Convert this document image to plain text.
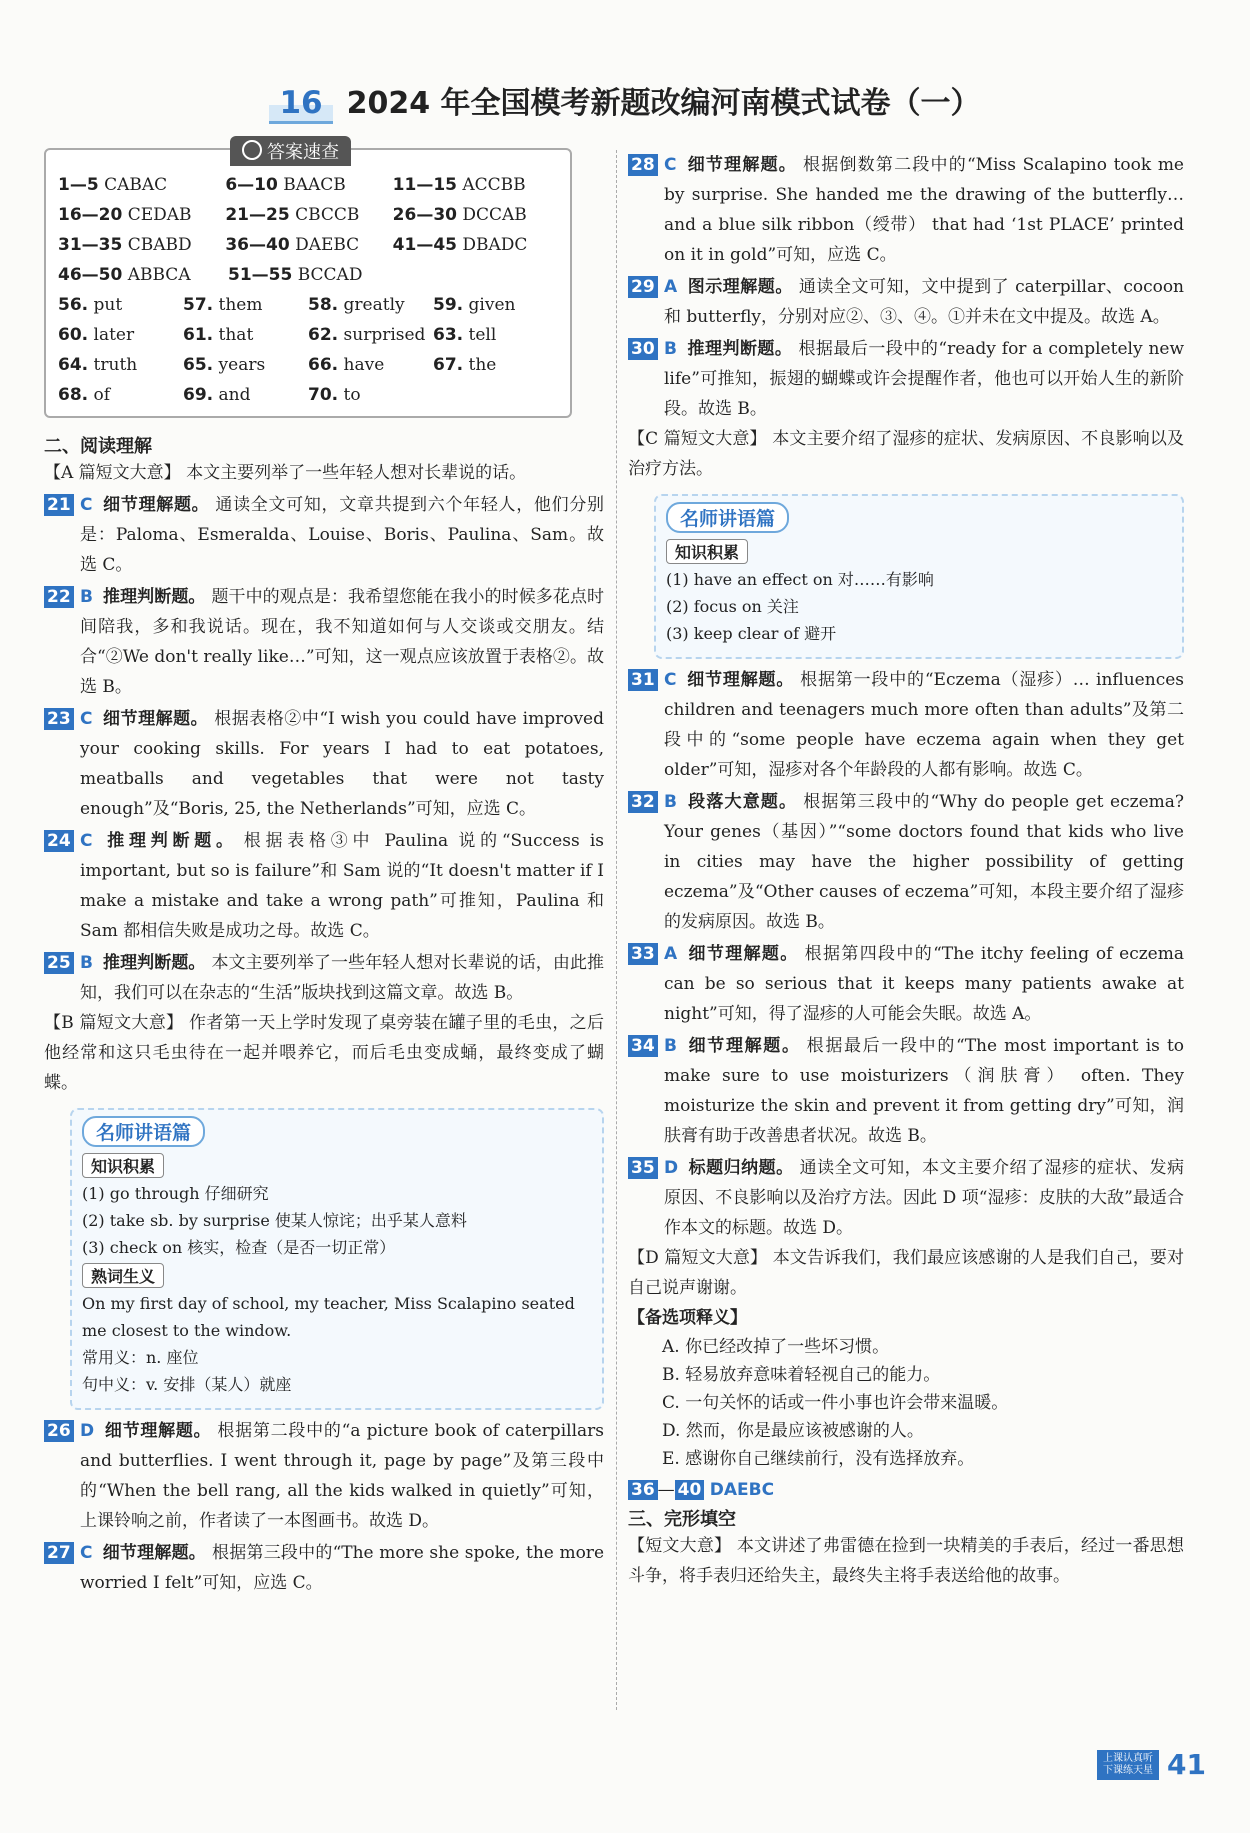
16 2024 年全国模考新题改编河南模式试卷（一）
答案速查
1—5 CABAC	6—10 BAACB	11—15 ACCBB
16—20 CEDAB	21—25 CBCCB	26—30 DCCAB
31—35 CBABD	36—40 DAEBC	41—45 DBADC
46—50 ABBCA	51—55 BCCAD
56. put	57. them	58. greatly	59. given
60. later	61. that	62. surprised 63. tell
64. truth	65. years	66. have	67. the
68. of	69. and	70. to
二、阅读理解

【A 篇短文大意】 本文主要列举了一些年轻人想对长辈说的话。

21 C 细节理解题。 通读全文可知，文章共提到六个年轻人，他们分别是：Paloma、Esmeralda、Louise、Boris、Paulina、Sam。故选 C。
22 B 推理判断题。 题干中的观点是：我希望您能在我小的时候多花点时间陪我，多和我说话。现在，我不知道如何与人交谈或交朋友。结合“②We don't really like…”可知，这一观点应该放置于表格②。故选 B。
23 C 细节理解题。 根据表格②中“I wish you could have improved your cooking skills. For years I had to eat potatoes, meatballs and vegetables that were not tasty enough”及“Boris, 25, the Netherlands”可知，应选 C。
24 C 推理判断题。 根据表格③中 Paulina 说的“Success is important, but so is failure”和 Sam 说的“It doesn't matter if I make a mistake and take a wrong path”可推知，Paulina 和 Sam 都相信失败是成功之母。故选 C。
25 B 推理判断题。 本文主要列举了一些年轻人想对长辈说的话，由此推知，我们可以在杂志的“生活”版块找到这篇文章。故选 B。

【B 篇短文大意】 作者第一天上学时发现了桌旁装在罐子里的毛虫，之后他经常和这只毛虫待在一起并喂养它，而后毛虫变成蛹，最终变成了蝴蝶。

名师讲语篇
知识积累
(1) go through 仔细研究
(2) take sb. by surprise 使某人惊诧；出乎某人意料
(3) check on 核实，检查（是否一切正常）
熟词生义
On my first day of school, my teacher, Miss Scalapino seated me closest to the window.
常用义：n. 座位
句中义：v. 安排（某人）就座
26 D 细节理解题。 根据第二段中的“a picture book of caterpillars and butterflies. I went through it, page by page”及第三段中的“When the bell rang, all the kids walked in quietly”可知，上课铃响之前，作者读了一本图画书。故选 D。
27 C 细节理解题。 根据第三段中的“The more she spoke, the more worried I felt”可知，应选 C。
28 C 细节理解题。 根据倒数第二段中的“Miss Scalapino took me by surprise. She handed me the drawing of the butterfly… and a blue silk ribbon（绶带） that had ‘1st PLACE’ printed on it in gold”可知，应选 C。
29 A 图示理解题。 通读全文可知，文中提到了 caterpillar、cocoon 和 butterfly，分别对应②、③、④。①并未在文中提及。故选 A。
30 B 推理判断题。 根据最后一段中的“ready for a completely new life”可推知，振翅的蝴蝶或许会提醒作者，他也可以开始人生的新阶段。故选 B。

【C 篇短文大意】 本文主要介绍了湿疹的症状、发病原因、不良影响以及治疗方法。

名师讲语篇
知识积累
(1) have an effect on 对……有影响
(2) focus on 关注
(3) keep clear of 避开
31 C 细节理解题。 根据第一段中的“Eczema（湿疹）… influences children and teenagers much more often than adults”及第二段中的“some people have eczema again when they get older”可知，湿疹对各个年龄段的人都有影响。故选 C。
32 B 段落大意题。 根据第三段中的“Why do people get eczema? Your genes（基因）”“some doctors found that kids who live in cities may have the higher possibility of getting eczema”及“Other causes of eczema”可知，本段主要介绍了湿疹的发病原因。故选 B。
33 A 细节理解题。 根据第四段中的“The itchy feeling of eczema can be so serious that it keeps many patients awake at night”可知，得了湿疹的人可能会失眠。故选 A。
34 B 细节理解题。 根据最后一段中的“The most important is to make sure to use moisturizers（润肤膏） often. They moisturize the skin and prevent it from getting dry”可知，润肤膏有助于改善患者状况。故选 B。
35 D 标题归纳题。 通读全文可知，本文主要介绍了湿疹的症状、发病原因、不良影响以及治疗方法。因此 D 项“湿疹：皮肤的大敌”最适合作本文的标题。故选 D。

【D 篇短文大意】 本文告诉我们，我们最应该感谢的人是我们自己，要对自己说声谢谢。

【备选项释义】
A. 你已经改掉了一些坏习惯。
B. 轻易放弃意味着轻视自己的能力。
C. 一句关怀的话或一件小事也许会带来温暖。
D. 然而，你是最应该被感谢的人。
E. 感谢你自己继续前行，没有选择放弃。
36 — 40 DAEBC
三、完形填空

【短文大意】 本文讲述了弗雷德在捡到一块精美的手表后，经过一番思想斗争，将手表归还给失主，最终失主将手表送给他的故事。

上课认真听
下课练天星 41
